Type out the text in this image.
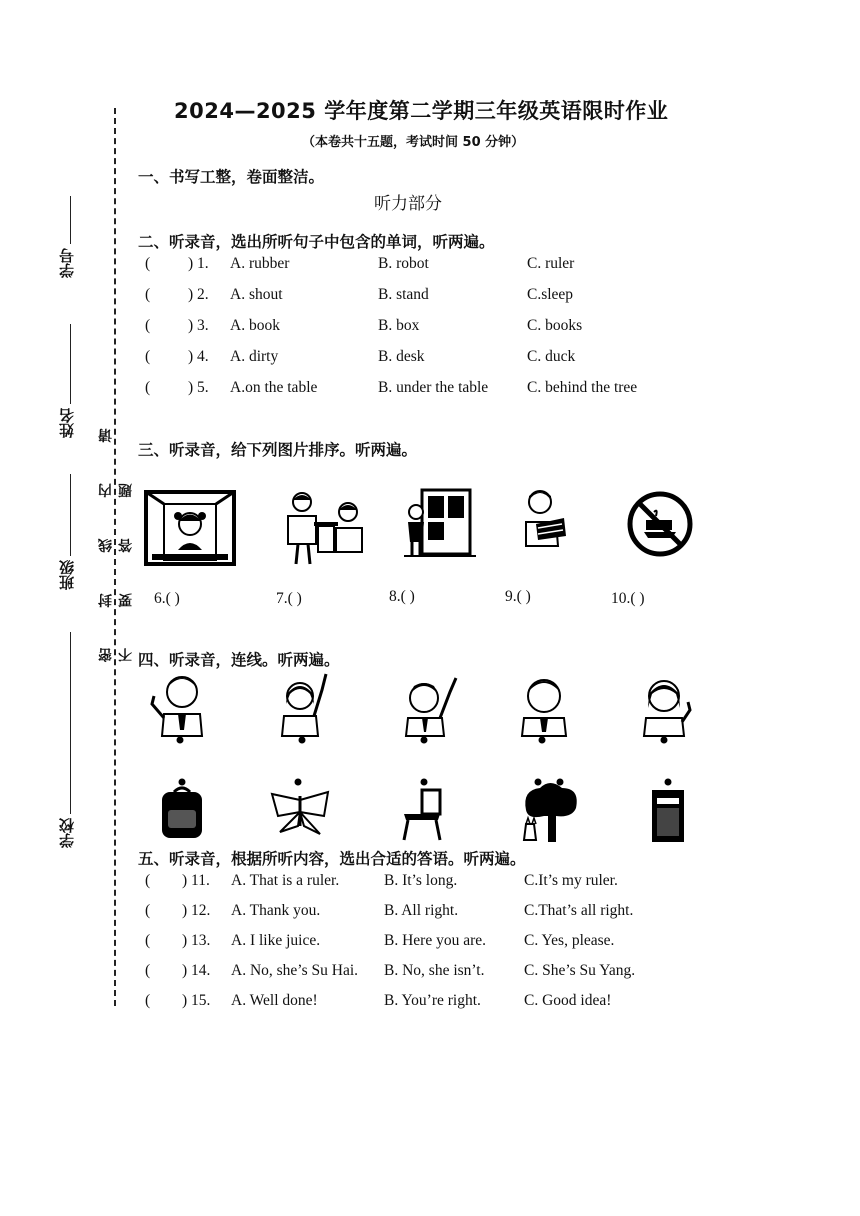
学号
姓名
班级
学校
密 封 线 内 请 不 要 答 题
2024—2025 学年度第二学期三年级英语限时作业
（本卷共十五题，考试时间 50 分钟）
一、书写工整，卷面整洁。
听力部分
二、听录音，选出所听句子中包含的单词，听两遍。
( ) 1. A. rubber	B. robot	C. ruler
( ) 2. A. shout	B. stand	C.sleep
( ) 3. A. book	B. box	C. books
( ) 4. A. dirty	B. desk	C. duck
( ) 5. A.on the table	B. under the table	C. behind the tree
三、听录音，给下列图片排序。听两遍。
6.( )	7.( )	8.( )	9.( )	10.( )
四、听录音，连线。听两遍。
五、听录音，根据所听内容，选出合适的答语。听两遍。
( ) 11. A. That is a ruler.	B. It’s long.	C.It’s my ruler.
( ) 12. A. Thank you.	B. All right.	C.That’s all right.
( ) 13. A. I like juice.	B. Here you are. C. Yes, please.
( ) 14. A. No, she’s Su Hai. B. No, she isn’t.	C. She’s Su Yang.
( ) 15. A. Well done!	B. You’re right.	C. Good idea!
